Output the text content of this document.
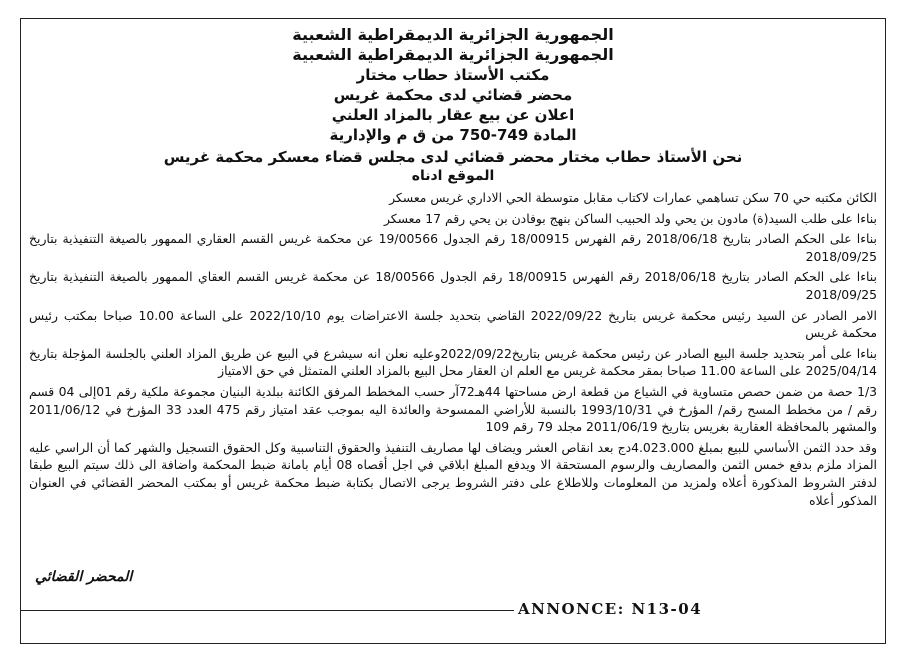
الجمهورية الجزائرية الديمقراطية الشعبية

الجمهورية الجزائرية الديمقراطية الشعبية

مكتب الأستاذ حطاب مختار

محضر قضائي لدى محكمة غريس

اعلان عن بيع عقار بالمزاد العلني

المادة 749-750 من ق م والإدارية

نحن الأستاذ حطاب مختار محضر قضائي لدى مجلس قضاء معسكر محكمة غريس

الموقع ادناه

الكائن مكتبه حي 70 سكن تساهمي عمارات لاكتاب مقابل متوسطة الحي الاداري غريس معسكر

بناءا على طلب السيد(ة) مادون بن يحي ولد الحبيب الساكن بنهج بوفادن بن يحي رقم 17 معسكر

بناءا على الحكم الصادر بتاريخ 2018/06/18 رقم الفهرس 18/00915 رقم الجدول 19/00566 عن محكمة غريس القسم العقاري الممهور بالصيغة التنفيذية بتاريخ 2018/09/25

بناءا على الحكم الصادر بتاريخ 2018/06/18 رقم الفهرس 18/00915 رقم الجدول 18/00566 عن محكمة غريس القسم العقاي الممهور بالصيغة التنفيذية بتاريخ 2018/09/25

الامر الصادر عن السيد رئيس محكمة غريس بتاريخ 2022/09/22 القاضي بتحديد جلسة الاعتراضات يوم 2022/10/10 على الساعة 10.00 صباحا بمكتب رئيس محكمة غريس

بناءا على أمر بتحديد جلسة البيع الصادر عن رئيس محكمة غريس بتاريخ2022/09/22وعليه نعلن انه سيشرع في البيع عن طريق المزاد العلني بالجلسة المؤجلة بتاريخ 2025/04/14 على الساعة 11.00 صباحا بمقر محكمة غريس مع العلم ان العقار محل البيع بالمزاد العلني المتمثل في حق الامتياز

1/3 حصة من ضمن حصص متساوية في الشياع من قطعة ارض مساحتها 44هـ72آر حسب المخطط المرفق الكائنة ببلدية البنيان مجموعة ملكية رقم 01إلى 04 قسم رقم / من مخطط المسح رقم/ المؤرخ في 1993/10/31 بالنسبة للأراضي الممسوحة والعائدة اليه بموجب عقد امتياز رقم 475 العدد 33 المؤرخ في 2011/06/12 والمشهر بالمحافظة العقارية بغريس بتاريخ 2011/06/19 مجلد 79 رقم 109

وقد حدد الثمن الأساسي للبيع بمبلغ 4.023.000دج بعد انقاص العشر ويضاف لها مصاريف التنفيذ والحقوق التناسبية وكل الحقوق التسجيل والشهر كما أن الراسي عليه المزاد ملزم بدفع خمس الثمن والمصاريف والرسوم المستحقة الا ويدفع المبلغ ابلاقي في اجل أقصاه 08 أيام بامانة ضبط المحكمة واضافة الى ذلك سيتم البيع طبقا لدفتر الشروط المذكورة أعلاه ولمزيد من المعلومات وللاطلاع على دفتر الشروط يرجى الاتصال بكتابة ضبط محكمة غريس أو بمكتب المحضر القضائي في العنوان المذكور أعلاه

المحضر القضائي
ANNONCE: N13-04
